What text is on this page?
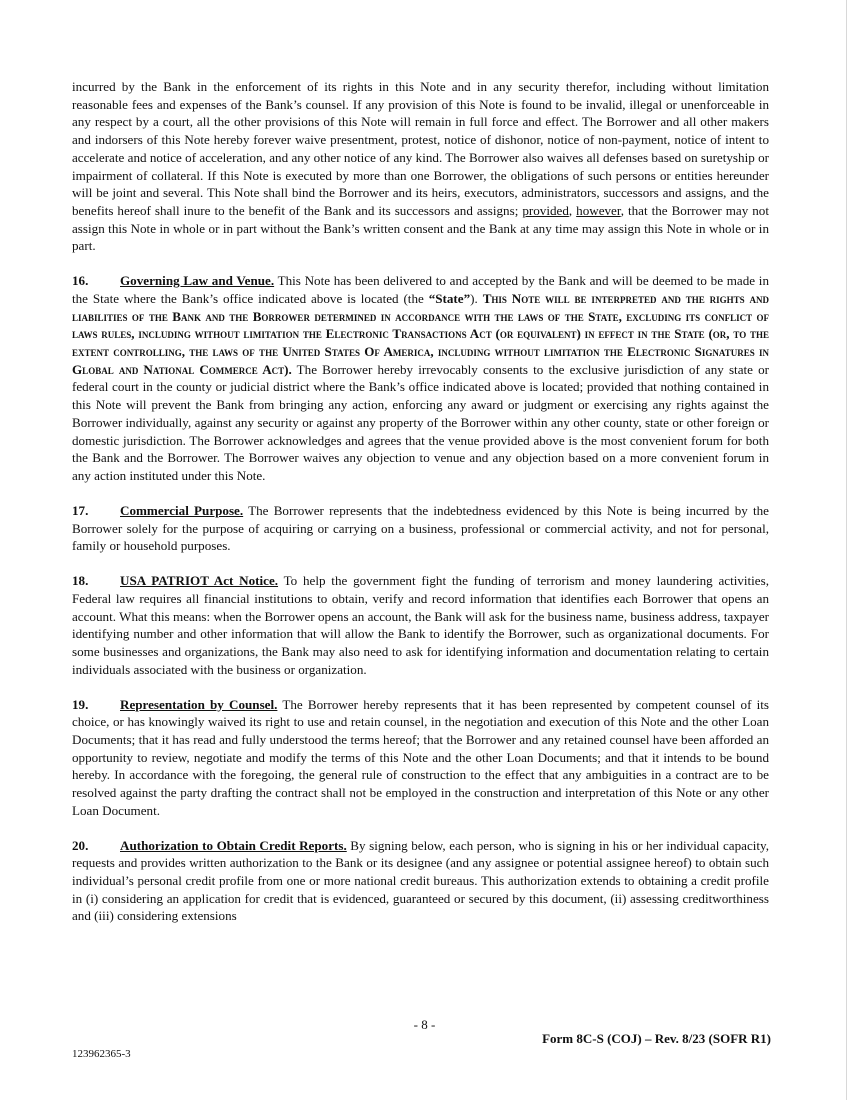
incurred by the Bank in the enforcement of its rights in this Note and in any security therefor, including without limitation reasonable fees and expenses of the Bank’s counsel. If any provision of this Note is found to be invalid, illegal or unenforceable in any respect by a court, all the other provisions of this Note will remain in full force and effect. The Borrower and all other makers and indorsers of this Note hereby forever waive presentment, protest, notice of dishonor, notice of non-payment, notice of intent to accelerate and notice of acceleration, and any other notice of any kind. The Borrower also waives all defenses based on suretyship or impairment of collateral. If this Note is executed by more than one Borrower, the obligations of such persons or entities hereunder will be joint and several. This Note shall bind the Borrower and its heirs, executors, administrators, successors and assigns, and the benefits hereof shall inure to the benefit of the Bank and its successors and assigns; provided, however, that the Borrower may not assign this Note in whole or in part without the Bank’s written consent and the Bank at any time may assign this Note in whole or in part.

16. Governing Law and Venue. This Note has been delivered to and accepted by the Bank and will be deemed to be made in the State where the Bank’s office indicated above is located (the “State”). This Note will be interpreted and the rights and liabilities of the Bank and the Borrower determined in accordance with the laws of the State, excluding its conflict of laws rules, including without limitation the Electronic Transactions Act (or equivalent) in effect in the State (or, to the extent controlling, the laws of the United States Of America, including without limitation the Electronic Signatures in Global and National Commerce Act). The Borrower hereby irrevocably consents to the exclusive jurisdiction of any state or federal court in the county or judicial district where the Bank’s office indicated above is located; provided that nothing contained in this Note will prevent the Bank from bringing any action, enforcing any award or judgment or exercising any rights against the Borrower individually, against any security or against any property of the Borrower within any other county, state or other foreign or domestic jurisdiction. The Borrower acknowledges and agrees that the venue provided above is the most convenient forum for both the Bank and the Borrower. The Borrower waives any objection to venue and any objection based on a more convenient forum in any action instituted under this Note.

17. Commercial Purpose. The Borrower represents that the indebtedness evidenced by this Note is being incurred by the Borrower solely for the purpose of acquiring or carrying on a business, professional or commercial activity, and not for personal, family or household purposes.

18. USA PATRIOT Act Notice. To help the government fight the funding of terrorism and money laundering activities, Federal law requires all financial institutions to obtain, verify and record information that identifies each Borrower that opens an account. What this means: when the Borrower opens an account, the Bank will ask for the business name, business address, taxpayer identifying number and other information that will allow the Bank to identify the Borrower, such as organizational documents. For some businesses and organizations, the Bank may also need to ask for identifying information and documentation relating to certain individuals associated with the business or organization.

19. Representation by Counsel. The Borrower hereby represents that it has been represented by competent counsel of its choice, or has knowingly waived its right to use and retain counsel, in the negotiation and execution of this Note and the other Loan Documents; that it has read and fully understood the terms hereof; that the Borrower and any retained counsel have been afforded an opportunity to review, negotiate and modify the terms of this Note and the other Loan Documents; and that it intends to be bound hereby. In accordance with the foregoing, the general rule of construction to the effect that any ambiguities in a contract are to be resolved against the party drafting the contract shall not be employed in the construction and interpretation of this Note or any other Loan Document.

20. Authorization to Obtain Credit Reports. By signing below, each person, who is signing in his or her individual capacity, requests and provides written authorization to the Bank or its designee (and any assignee or potential assignee hereof) to obtain such individual’s personal credit profile from one or more national credit bureaus. This authorization extends to obtaining a credit profile in (i) considering an application for credit that is evidenced, guaranteed or secured by this document, (ii) assessing creditworthiness and (iii) considering extensions

- 8 -
Form 8C-S (COJ) – Rev. 8/23 (SOFR R1)
123962365-3
